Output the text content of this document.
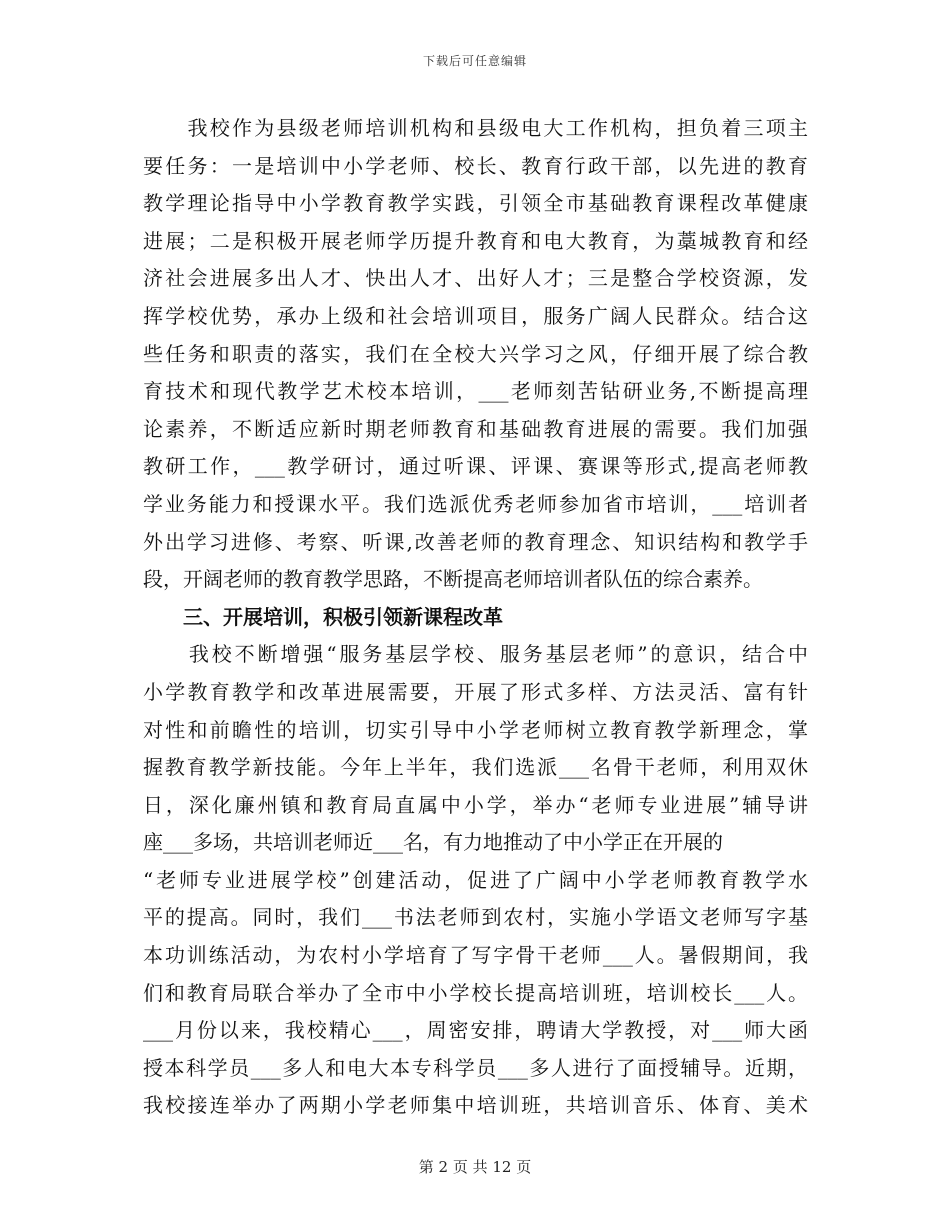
下载后可任意编辑
　　我校作为县级老师培训机构和县级电大工作机构，担负着三项主
要任务：一是培训中小学老师、校长、教育行政干部，以先进的教育
教学理论指导中小学教育教学实践，引领全市基础教育课程改革健康
进展；二是积极开展老师学历提升教育和电大教育，为藁城教育和经
济社会进展多出人才、快出人才、出好人才；三是整合学校资源，发
挥学校优势，承办上级和社会培训项目，服务广阔人民群众。结合这
些任务和职责的落实，我们在全校大兴学习之风，仔细开展了综合教
育技术和现代教学艺术校本培训，___老师刻苦钻研业务,不断提高理
论素养，不断适应新时期老师教育和基础教育进展的需要。我们加强
教研工作，___教学研讨，通过听课、评课、赛课等形式,提高老师教
学业务能力和授课水平。我们选派优秀老师参加省市培训，___培训者
外出学习进修、考察、听课,改善老师的教育理念、知识结构和教学手
段，开阔老师的教育教学思路，不断提高老师培训者队伍的综合素养。
　　三、开展培训，积极引领新课程改革
　　我校不断增强“服务基层学校、服务基层老师”的意识，结合中
小学教育教学和改革进展需要，开展了形式多样、方法灵活、富有针
对性和前瞻性的培训，切实引导中小学老师树立教育教学新理念，掌
握教育教学新技能。今年上半年，我们选派___名骨干老师，利用双休
日，深化廉州镇和教育局直属中小学，举办“老师专业进展”辅导讲
座___多场，共培训老师近___名，有力地推动了中小学正在开展的
“老师专业进展学校”创建活动，促进了广阔中小学老师教育教学水
平的提高。同时，我们___书法老师到农村，实施小学语文老师写字基
本功训练活动，为农村小学培育了写字骨干老师___人。暑假期间，我
们和教育局联合举办了全市中小学校长提高培训班，培训校长___人。
___月份以来，我校精心___，周密安排，聘请大学教授，对___师大函
授本科学员___多人和电大本专科学员___多人进行了面授辅导。近期，
我校接连举办了两期小学老师集中培训班，共培训音乐、体育、美术
第 2 页 共 12 页
